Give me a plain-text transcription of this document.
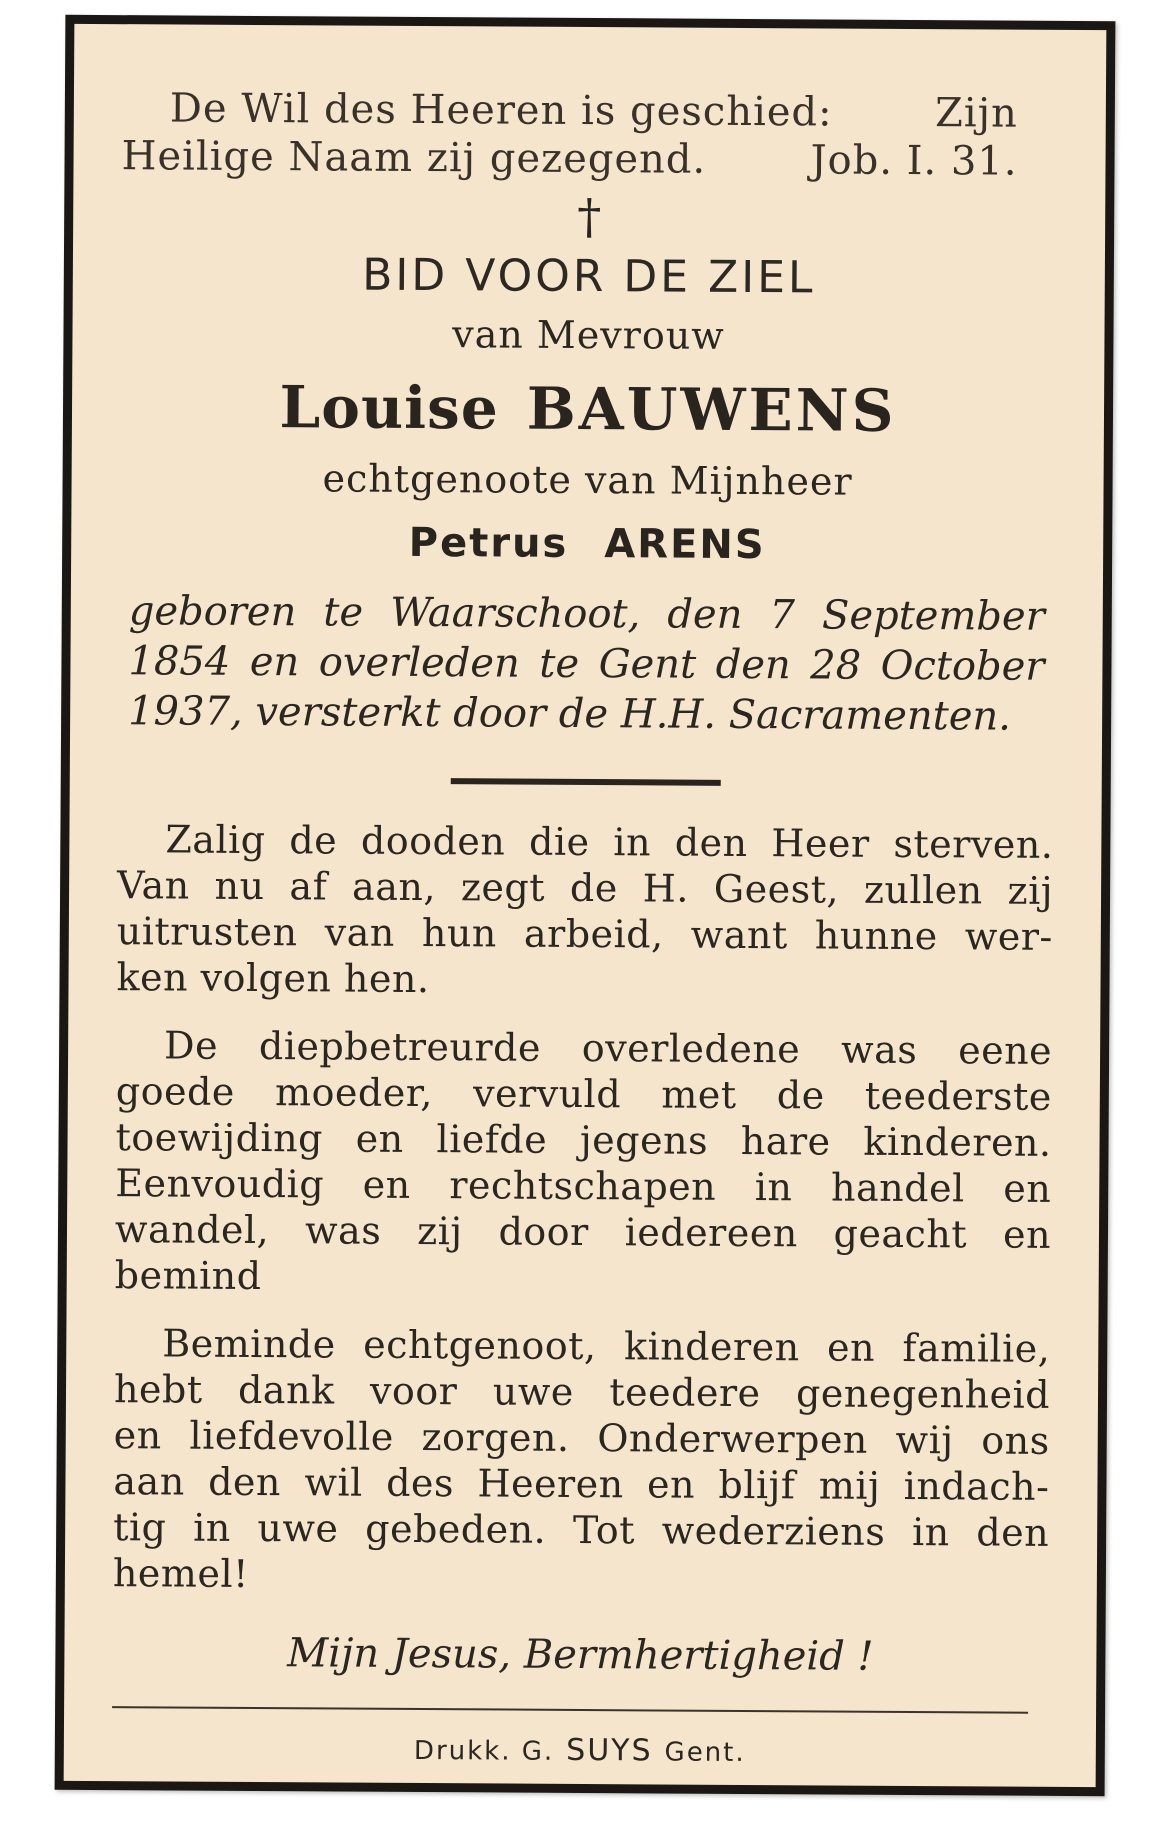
De Wil des Heeren is geschied:	Zijn
Heilige Naam zij gezegend.	Job. I. 31.
†
BID VOOR DE ZIEL
van Mevrouw
Louise BAUWENS
echtgenoote van Mijnheer
Petrus ARENS
geboren te Waarschoot, den 7 September
1854 en overleden te Gent den 28 October
1937, versterkt door de H.H. Sacramenten.
Zalig de dooden die in den Heer sterven.
Van nu af aan, zegt de H. Geest, zullen zij
uitrusten van hun arbeid, want hunne wer-
ken volgen hen.
De diepbetreurde overledene was eene
goede moeder, vervuld met de teederste
toewijding en liefde jegens hare kinderen.
Eenvoudig en rechtschapen in handel en
wandel, was zij door iedereen geacht en
bemind
Beminde echtgenoot, kinderen en familie,
hebt dank voor uwe teedere genegenheid
en liefdevolle zorgen. Onderwerpen wij ons
aan den wil des Heeren en blijf mij indach-
tig in uwe gebeden. Tot wederziens in den
hemel!
Mijn Jesus, Bermhertigheid !
Drukk. G. SUYS Gent.
